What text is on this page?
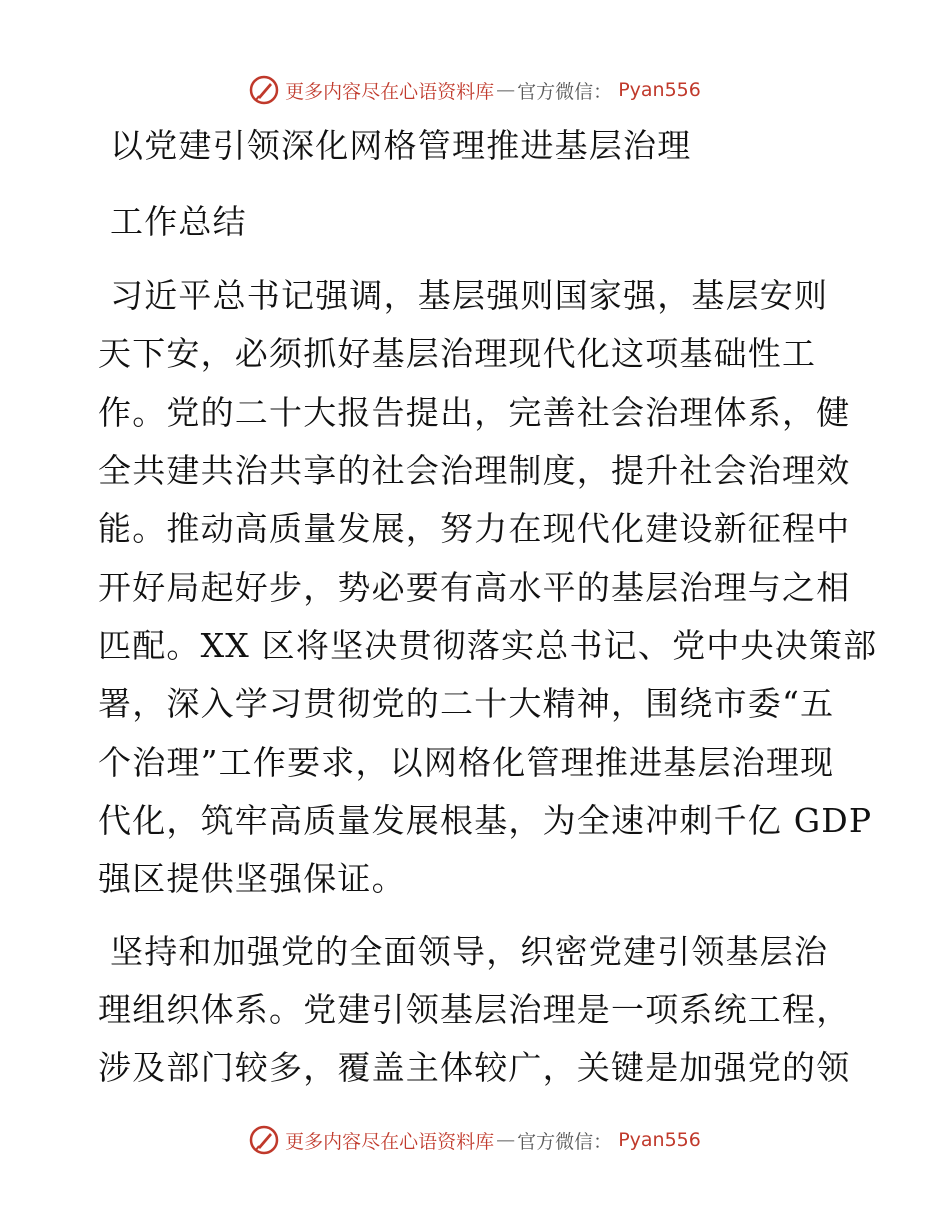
更多内容尽在心语资料库 — 官方微信： Pyan556
以党建引领深化网格管理推进基层治理
工作总结
习近平总书记强调，基层强则国家强，基层安则
天下安，必须抓好基层治理现代化这项基础性工
作。党的二十大报告提出，完善社会治理体系，健
全共建共治共享的社会治理制度，提升社会治理效
能。推动高质量发展，努力在现代化建设新征程中
开好局起好步，势必要有高水平的基层治理与之相
匹配。XX 区将坚决贯彻落实总书记、党中央决策部
署，深入学习贯彻党的二十大精神，围绕市委“五
个治理”工作要求，以网格化管理推进基层治理现
代化，筑牢高质量发展根基，为全速冲刺千亿 GDP
强区提供坚强保证。
坚持和加强党的全面领导，织密党建引领基层治
理组织体系。党建引领基层治理是一项系统工程，
涉及部门较多，覆盖主体较广，关键是加强党的领
更多内容尽在心语资料库 — 官方微信： Pyan556
